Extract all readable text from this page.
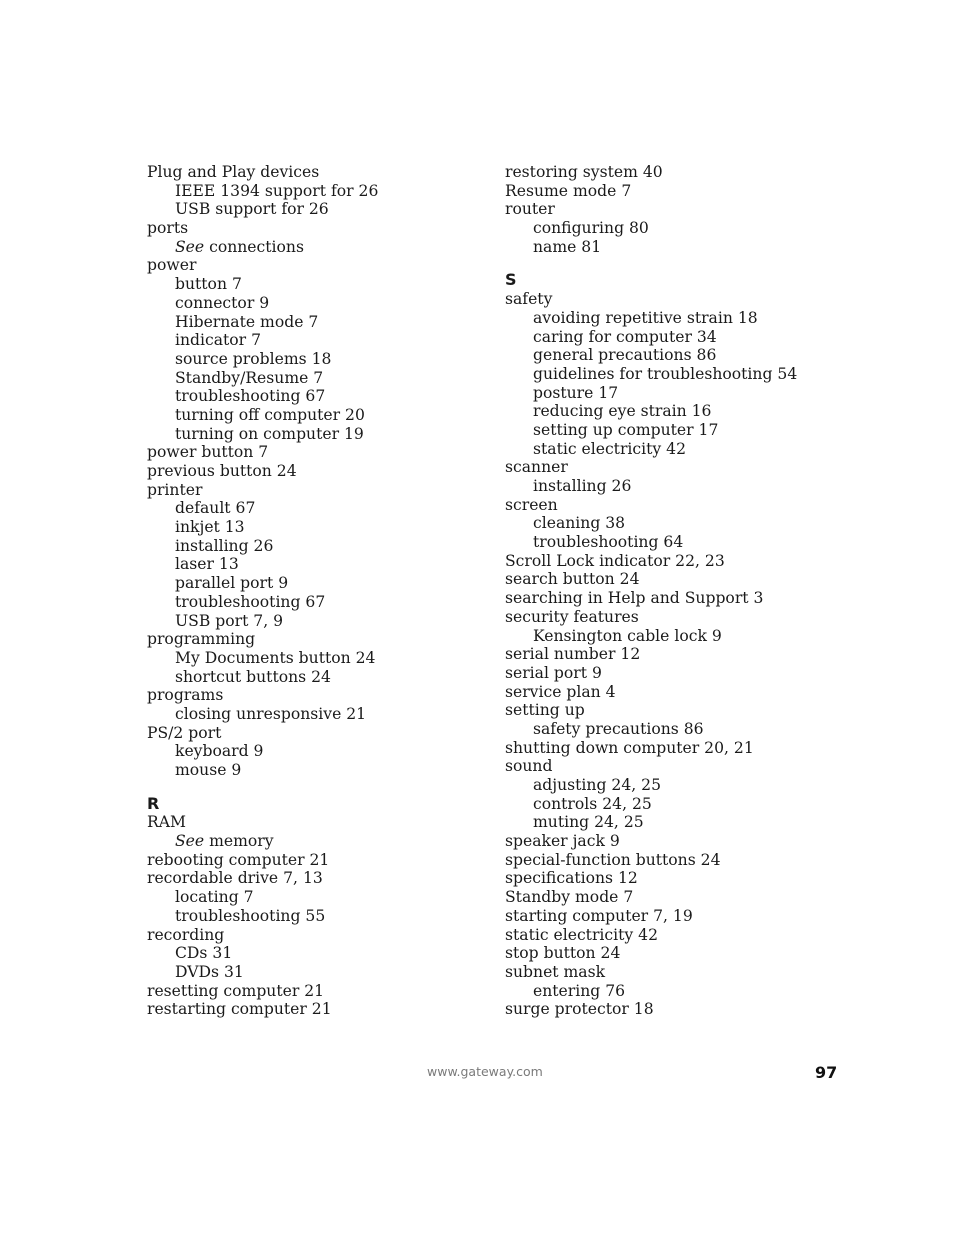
Plug and Play devices
IEEE 1394 support for 26
USB support for 26
ports
See connections
power
button 7
connector 9
Hibernate mode 7
indicator 7
source problems 18
Standby/Resume 7
troubleshooting 67
turning off computer 20
turning on computer 19
power button 7
previous button 24
printer
default 67
inkjet 13
installing 26
laser 13
parallel port 9
troubleshooting 67
USB port 7, 9
programming
My Documents button 24
shortcut buttons 24
programs
closing unresponsive 21
PS/2 port
keyboard 9
mouse 9
R
RAM
See memory
rebooting computer 21
recordable drive 7, 13
locating 7
troubleshooting 55
recording
CDs 31
DVDs 31
resetting computer 21
restarting computer 21
restoring system 40
Resume mode 7
router
configuring 80
name 81
S
safety
avoiding repetitive strain 18
caring for computer 34
general precautions 86
guidelines for troubleshooting 54
posture 17
reducing eye strain 16
setting up computer 17
static electricity 42
scanner
installing 26
screen
cleaning 38
troubleshooting 64
Scroll Lock indicator 22, 23
search button 24
searching in Help and Support 3
security features
Kensington cable lock 9
serial number 12
serial port 9
service plan 4
setting up
safety precautions 86
shutting down computer 20, 21
sound
adjusting 24, 25
controls 24, 25
muting 24, 25
speaker jack 9
special-function buttons 24
specifications 12
Standby mode 7
starting computer 7, 19
static electricity 42
stop button 24
subnet mask
entering 76
surge protector 18
www.gateway.com	97
